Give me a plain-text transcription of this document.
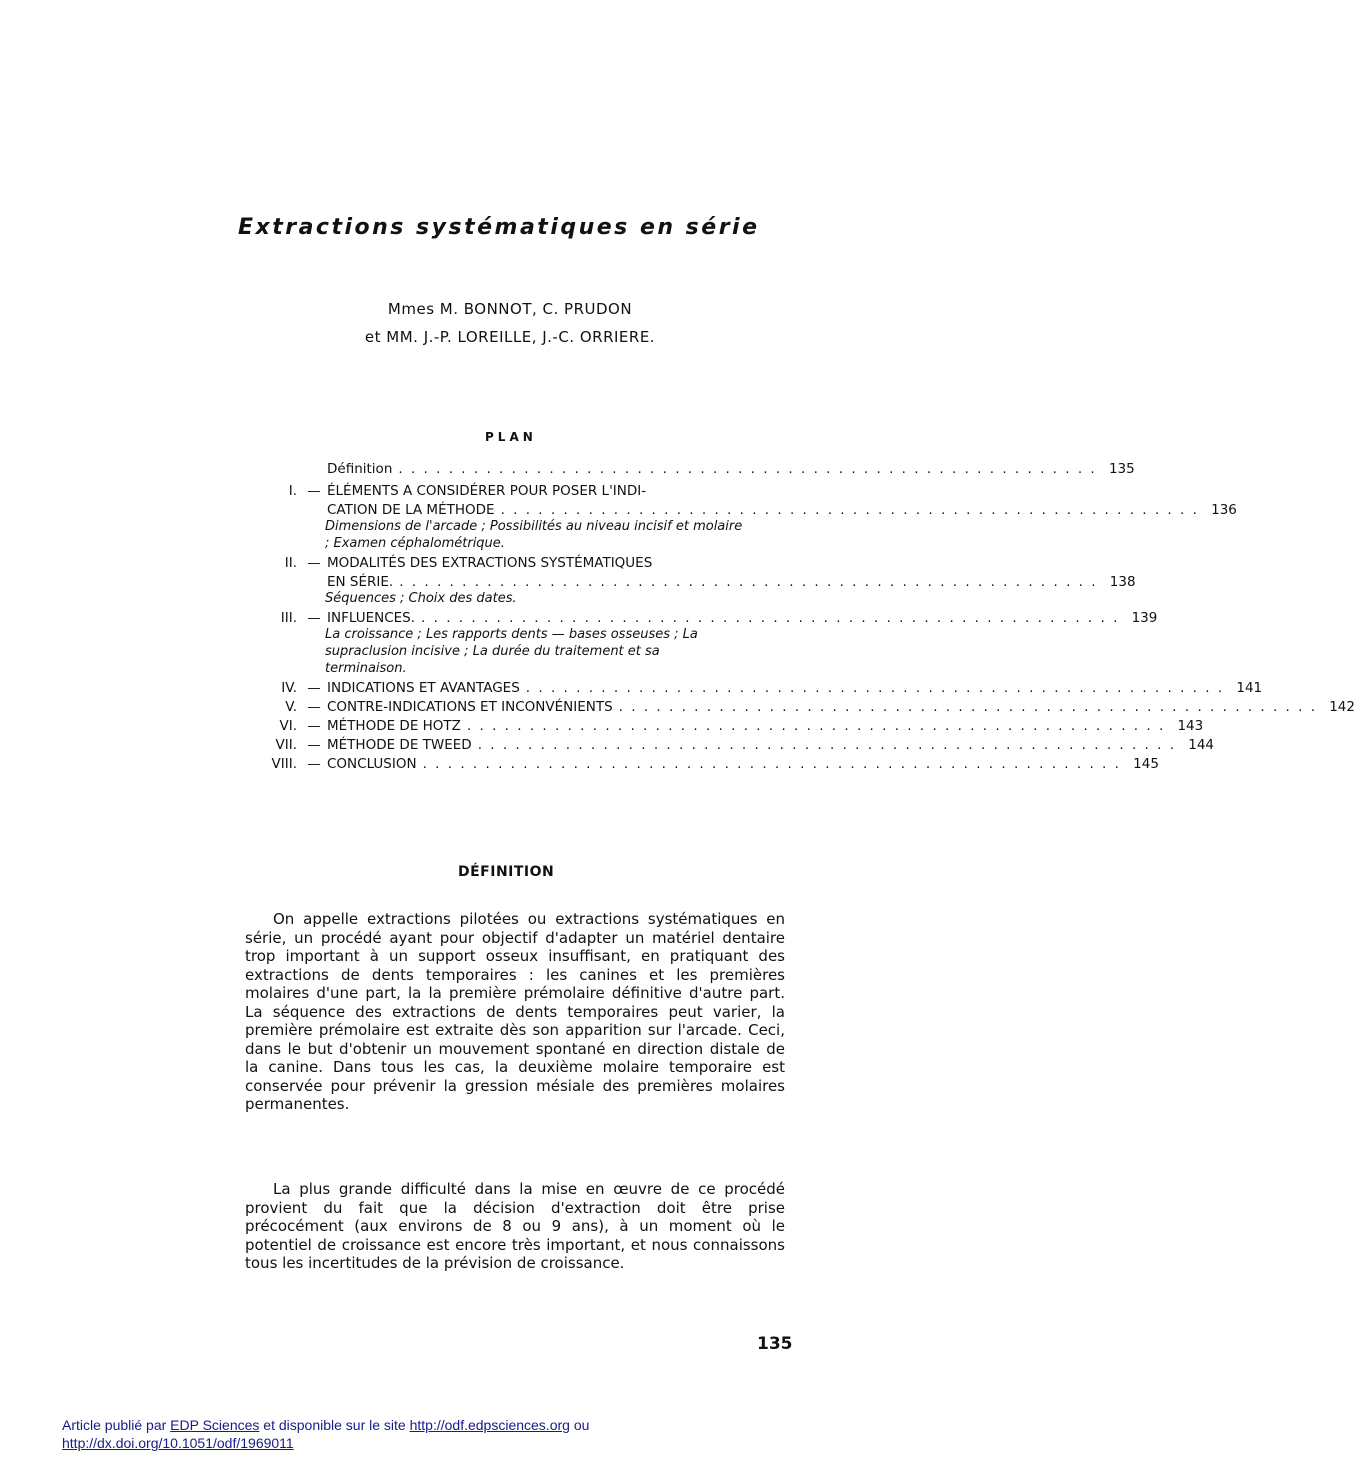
Extractions systématiques en série
Mmes M. BONNOT, C. PRUDON
et MM. J.-P. LOREILLE, J.-C. ORRIERE.
PLAN
Définition . . . . . . . . . . . . . . . . . . . . . . . . . . . . . . . . . . . . . . . . . . . . . . . . . . . . . . . . 135
I. — ÉLÉMENTS A CONSIDÉRER POUR POSER L'INDI-
CATION DE LA MÉTHODE . . . . . . . . . . . . . . . . . . . . . . . . . . . . . . . . . . . . . . . . . . . . . . . . . . . . . . . . 136
Dimensions de l'arcade ; Possibilités au niveau incisif et molaire ; Examen céphalométrique.
II. — MODALITÉS DES EXTRACTIONS SYSTÉMATIQUES
EN SÉRIE. . . . . . . . . . . . . . . . . . . . . . . . . . . . . . . . . . . . . . . . . . . . . . . . . . . . . . . . . 138
Séquences ; Choix des dates.
III. — INFLUENCES. . . . . . . . . . . . . . . . . . . . . . . . . . . . . . . . . . . . . . . . . . . . . . . . . . . . . . . . . 139
La croissance ; Les rapports dents — bases osseuses ; La supraclusion incisive ; La durée du traitement et sa terminaison.
IV. — INDICATIONS ET AVANTAGES . . . . . . . . . . . . . . . . . . . . . . . . . . . . . . . . . . . . . . . . . . . . . . . . . . . . . . . . 141
V. — CONTRE-INDICATIONS ET INCONVÉNIENTS . . . . . . . . . . . . . . . . . . . . . . . . . . . . . . . . . . . . . . . . . . . . . . . . . . . . . . . . 142
VI. — MÉTHODE DE HOTZ . . . . . . . . . . . . . . . . . . . . . . . . . . . . . . . . . . . . . . . . . . . . . . . . . . . . . . . . 143
VII. — MÉTHODE DE TWEED . . . . . . . . . . . . . . . . . . . . . . . . . . . . . . . . . . . . . . . . . . . . . . . . . . . . . . . . 144
VIII. — CONCLUSION . . . . . . . . . . . . . . . . . . . . . . . . . . . . . . . . . . . . . . . . . . . . . . . . . . . . . . . . 145
DÉFINITION

On appelle extractions pilotées ou extractions systématiques en série, un procédé ayant pour objectif d'adapter un matériel dentaire trop important à un support osseux insuffisant, en pratiquant des extractions de dents temporaires : les canines et les premières molaires d'une part, la la première prémolaire définitive d'autre part. La séquence des extractions de dents temporaires peut varier, la première prémolaire est extraite dès son apparition sur l'arcade. Ceci, dans le but d'obtenir un mouvement spontané en direction distale de la canine. Dans tous les cas, la deuxième molaire temporaire est conservée pour prévenir la gression mésiale des premières molaires permanentes.

La plus grande difficulté dans la mise en œuvre de ce procédé provient du fait que la décision d'extraction doit être prise précocément (aux environs de 8 ou 9 ans), à un moment où le potentiel de croissance est encore très important, et nous connaissons tous les incertitudes de la prévision de croissance.

135
Article publié par EDP Sciences et disponible sur le site http://odf.edpsciences.org ou
http://dx.doi.org/10.1051/odf/1969011
